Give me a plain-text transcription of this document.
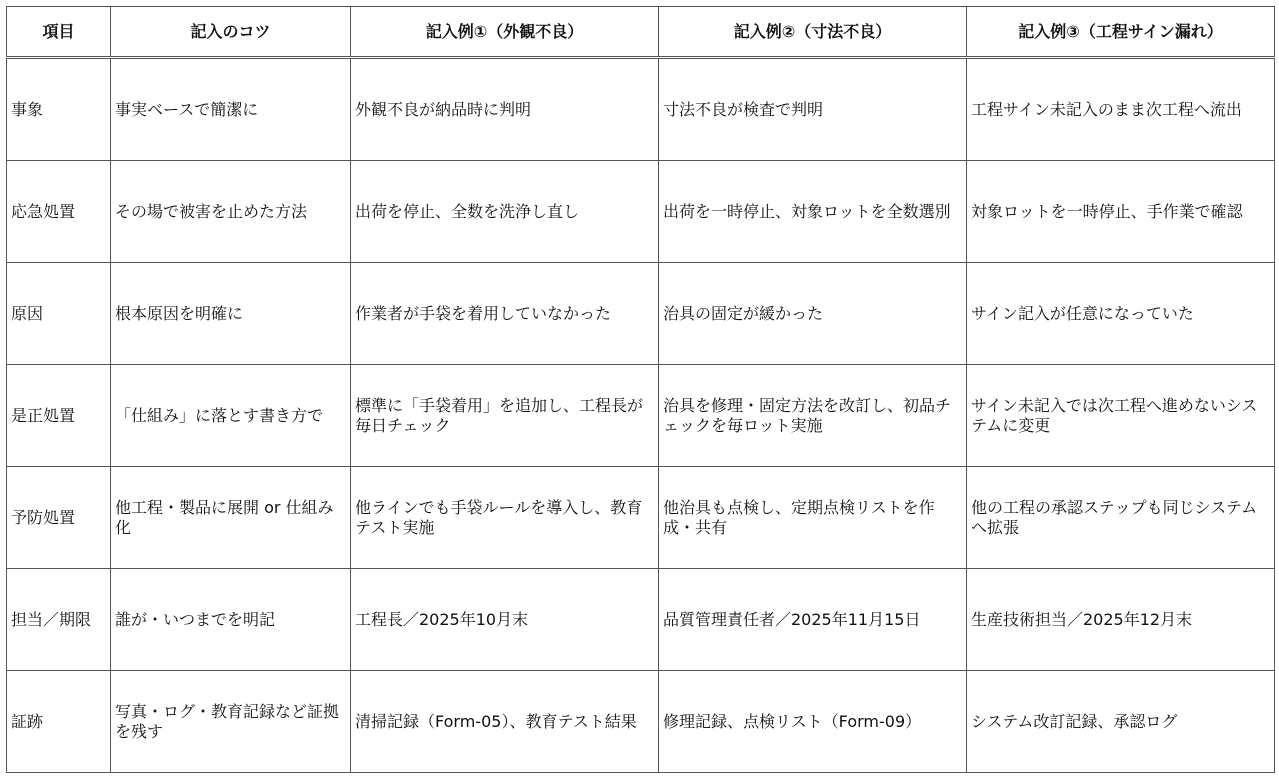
項目	記入のコツ	記入例①（外観不良）	記入例②（寸法不良）	記入例③（工程サイン漏れ）
事象	事実ベースで簡潔に	外観不良が納品時に判明	寸法不良が検査で判明	工程サイン未記入のまま次工程へ流出
応急処置	その場で被害を止めた方法	出荷を停止、全数を洗浄し直し	出荷を一時停止、対象ロットを全数選別	対象ロットを一時停止、手作業で確認
原因	根本原因を明確に	作業者が手袋を着用していなかった	治具の固定が緩かった	サイン記入が任意になっていた
是正処置	「仕組み」に落とす書き方で	標準に「手袋着用」を追加し、工程長が毎日チェック	治具を修理・固定方法を改訂し、初品チェックを毎ロット実施	サイン未記入では次工程へ進めないシステムに変更
予防処置	他工程・製品に展開 or 仕組み化	他ラインでも手袋ルールを導入し、教育テスト実施	他治具も点検し、定期点検リストを作成・共有	他の工程の承認ステップも同じシステムへ拡張
担当／期限	誰が・いつまでを明記	工程長／2025年10月末	品質管理責任者／2025年11月15日	生産技術担当／2025年12月末
証跡	写真・ログ・教育記録など証拠を残す	清掃記録（Form-05）、教育テスト結果	修理記録、点検リスト（Form-09）	システム改訂記録、承認ログ
